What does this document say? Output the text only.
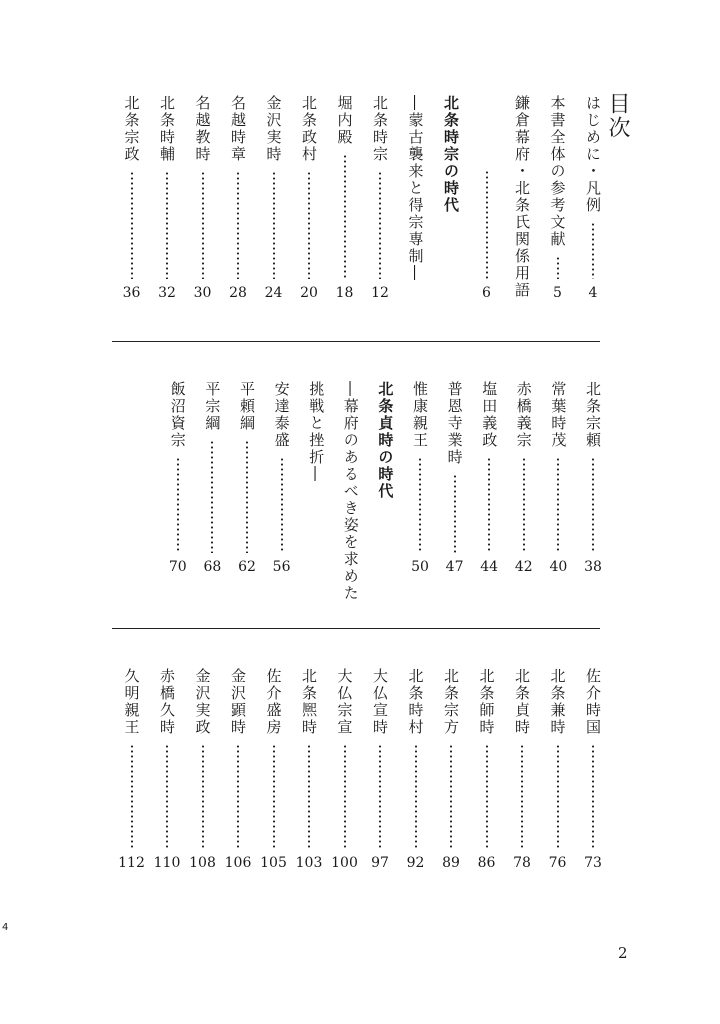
目次
はじめに・凡例
4
本書全体の参考文献
5
鎌倉幕府・北条氏関係用語
6
北条時宗の時代
―蒙古襲来と得宗専制―
北条時宗
12
堀内殿
18
北条政村
20
金沢実時
24
名越時章
28
名越教時
30
北条時輔
32
北条宗政
36
北条宗頼
38
常葉時茂
40
赤橋義宗
42
塩田義政
44
普恩寺業時
47
惟康親王
50
北条貞時の時代
―幕府のあるべき姿を求めた
挑戦と挫折―
安達泰盛
56
平頼綱
62
平宗綱
68
飯沼資宗
70
佐介時国
73
北条兼時
76
北条貞時
78
北条師時
86
北条宗方
89
北条時村
92
大仏宣時
97
大仏宗宣
100
北条熈時
103
佐介盛房
105
金沢顕時
106
金沢実政
108
赤橋久時
110
久明親王
112
4
2
